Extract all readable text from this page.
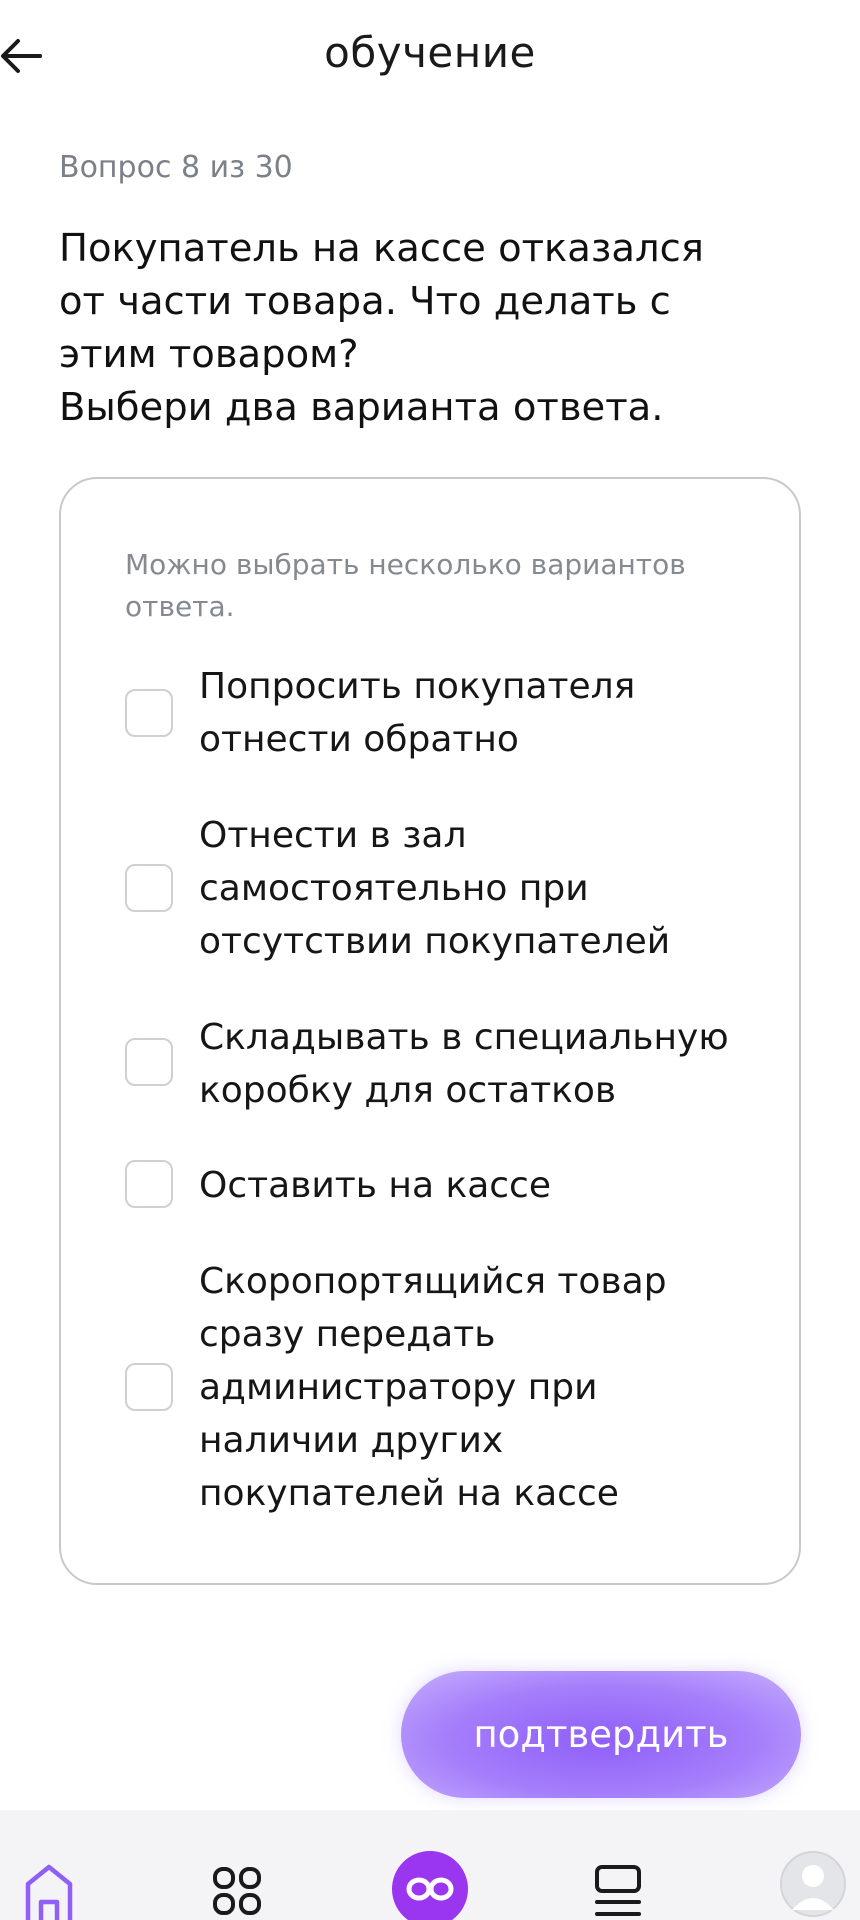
обучение
Вопрос 8 из 30
Покупатель на кассе отказался
от части товара. Что делать с
этим товаром?
Выбери два варианта ответа.
Можно выбрать несколько вариантов
ответа.
Попросить покупателя
отнести обратно
Отнести в зал
самостоятельно при
отсутствии покупателей
Складывать в специальную
коробку для остатков
Оставить на кассе
Скоропортящийся товар
сразу передать
администратору при
наличии других
покупателей на кассе
подтвердить
